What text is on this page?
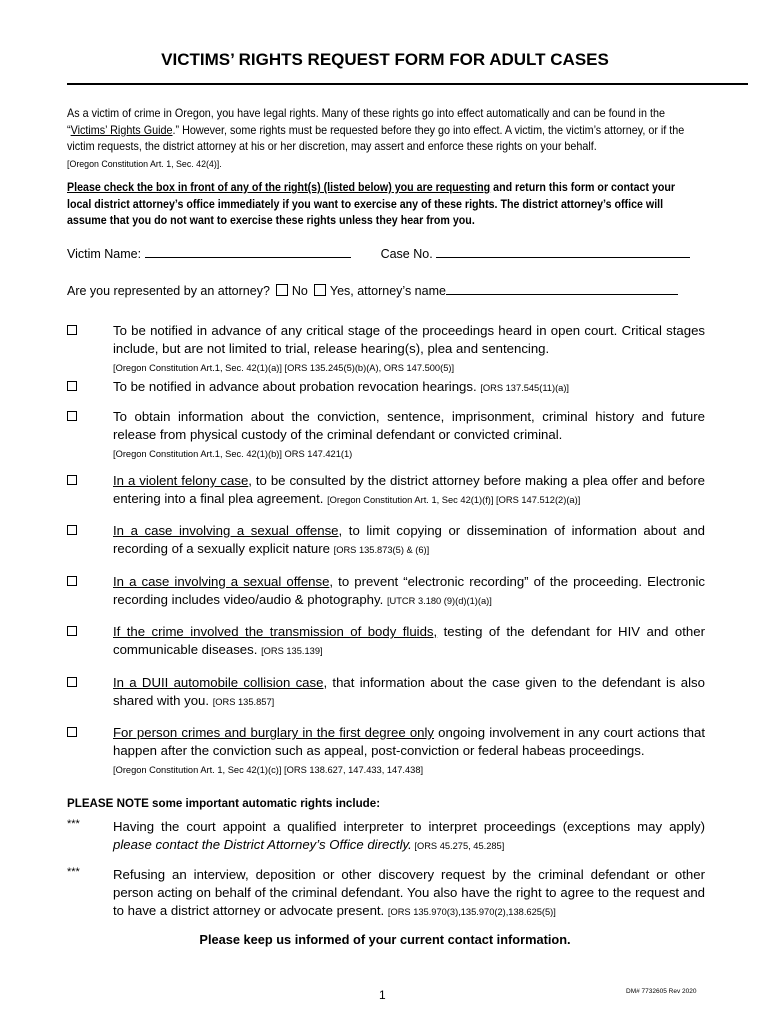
VICTIMS’ RIGHTS REQUEST FORM FOR ADULT CASES
As a victim of crime in Oregon, you have legal rights. Many of these rights go into effect automatically and can be found in the “Victims’ Rights Guide.” However, some rights must be requested before they go into effect. A victim, the victim’s attorney, or if the victim requests, the district attorney at his or her discretion, may assert and enforce these rights on your behalf.
[Oregon Constitution Art. 1, Sec. 42(4)].
Please check the box in front of any of the right(s) (listed below) you are requesting and return this form or contact your local district attorney’s office immediately if you want to exercise any of these rights. The district attorney’s office will assume that you do not want to exercise these rights unless they hear from you.
Victim Name:	Case No.
Are you represented by an attorney? No Yes, attorney’s name
To be notified in advance of any critical stage of the proceedings heard in open court. Critical stages include, but are not limited to trial, release hearing(s), plea and sentencing.
[Oregon Constitution Art.1, Sec. 42(1)(a)] [ORS 135.245(5)(b)(A), ORS 147.500(5)]
To be notified in advance about probation revocation hearings. [ORS 137.545(11)(a)]
To obtain information about the conviction, sentence, imprisonment, criminal history and future release from physical custody of the criminal defendant or convicted criminal.
[Oregon Constitution Art.1, Sec. 42(1)(b)] ORS 147.421(1)
In a violent felony case, to be consulted by the district attorney before making a plea offer and before entering into a final plea agreement. [Oregon Constitution Art. 1, Sec 42(1)(f)] [ORS 147.512(2)(a)]
In a case involving a sexual offense, to limit copying or dissemination of information about and recording of a sexually explicit nature [ORS 135.873(5) & (6)]
In a case involving a sexual offense, to prevent “electronic recording” of the proceeding. Electronic recording includes video/audio & photography. [UTCR 3.180 (9)(d)(1)(a)]
If the crime involved the transmission of body fluids, testing of the defendant for HIV and other communicable diseases. [ORS 135.139]
In a DUII automobile collision case, that information about the case given to the defendant is also shared with you. [ORS 135.857]
For person crimes and burglary in the first degree only ongoing involvement in any court actions that happen after the conviction such as appeal, post-conviction or federal habeas proceedings.
[Oregon Constitution Art. 1, Sec 42(1)(c)] [ORS 138.627, 147.433, 147.438]
PLEASE NOTE some important automatic rights include:
***	Having the court appoint a qualified interpreter to interpret proceedings (exceptions may apply) please contact the District Attorney’s Office directly. [ORS 45.275, 45.285]
***	Refusing an interview, deposition or other discovery request by the criminal defendant or other person acting on behalf of the criminal defendant. You also have the right to agree to the request and to have a district attorney or advocate present. [ORS 135.970(3),135.970(2),138.625(5)]
Please keep us informed of your current contact information.
1	DM# 7732605 Rev 2020
